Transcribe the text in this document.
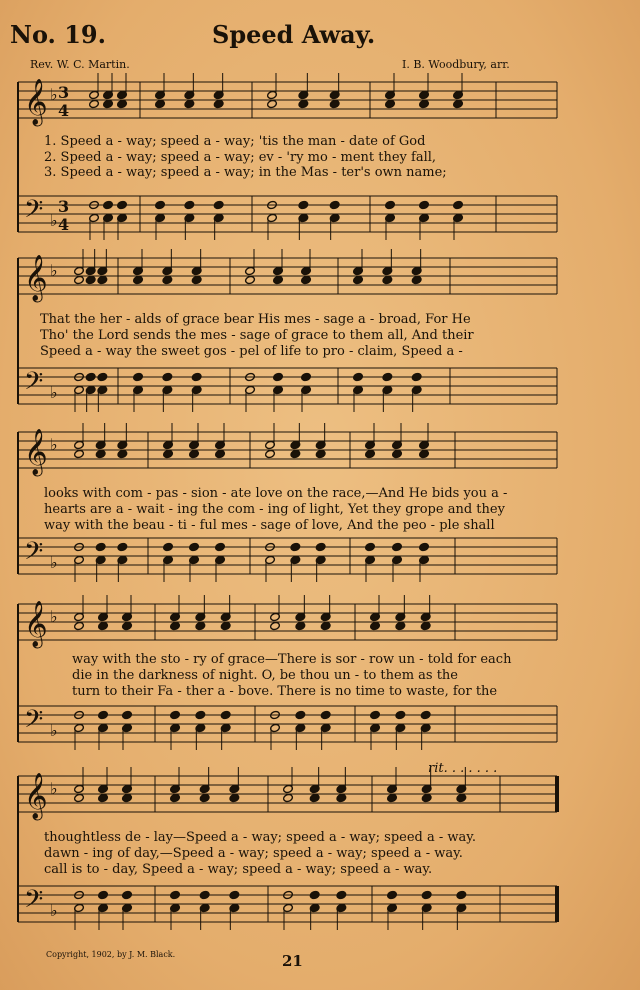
𝄞
𝄢
♭
♭
𝄞
𝄢
♭
♭
𝄞
𝄢
♭
♭
𝄞
𝄢
♭
♭
𝄞
𝄢
♭
♭
3
4
3
4
rit. . . . . . .
No. 19.	Speed Away.
Rev. W. C. Martin.	I. B. Woodbury, arr.
1. Speed a - way; speed a - way; 'tis the man - date of God
2. Speed a - way; speed a - way; ev - 'ry mo - ment they fall,
3. Speed a - way; speed a - way; in the Mas - ter's own name;
That the her - alds of grace bear His mes - sage a - broad, For He
Tho' the Lord sends the mes - sage of grace to them all, And their
Speed a - way the sweet gos - pel of life to pro - claim, Speed a -
looks with com - pas - sion - ate love on the race,—And He bids you a -
hearts are a - wait - ing the com - ing of light, Yet they grope and they
way with the beau - ti - ful mes - sage of love, And the peo - ple shall
way with the sto - ry of grace—There is sor - row un - told for each
die in the darkness of night. O, be thou un - to them as the
turn to their Fa - ther a - bove. There is no time to waste, for the
thoughtless de - lay—Speed a - way; speed a - way; speed a - way.
dawn - ing of day,—Speed a - way; speed a - way; speed a - way.
call is to - day, Speed a - way; speed a - way; speed a - way.
Copyright, 1902, by J. M. Black.	21
